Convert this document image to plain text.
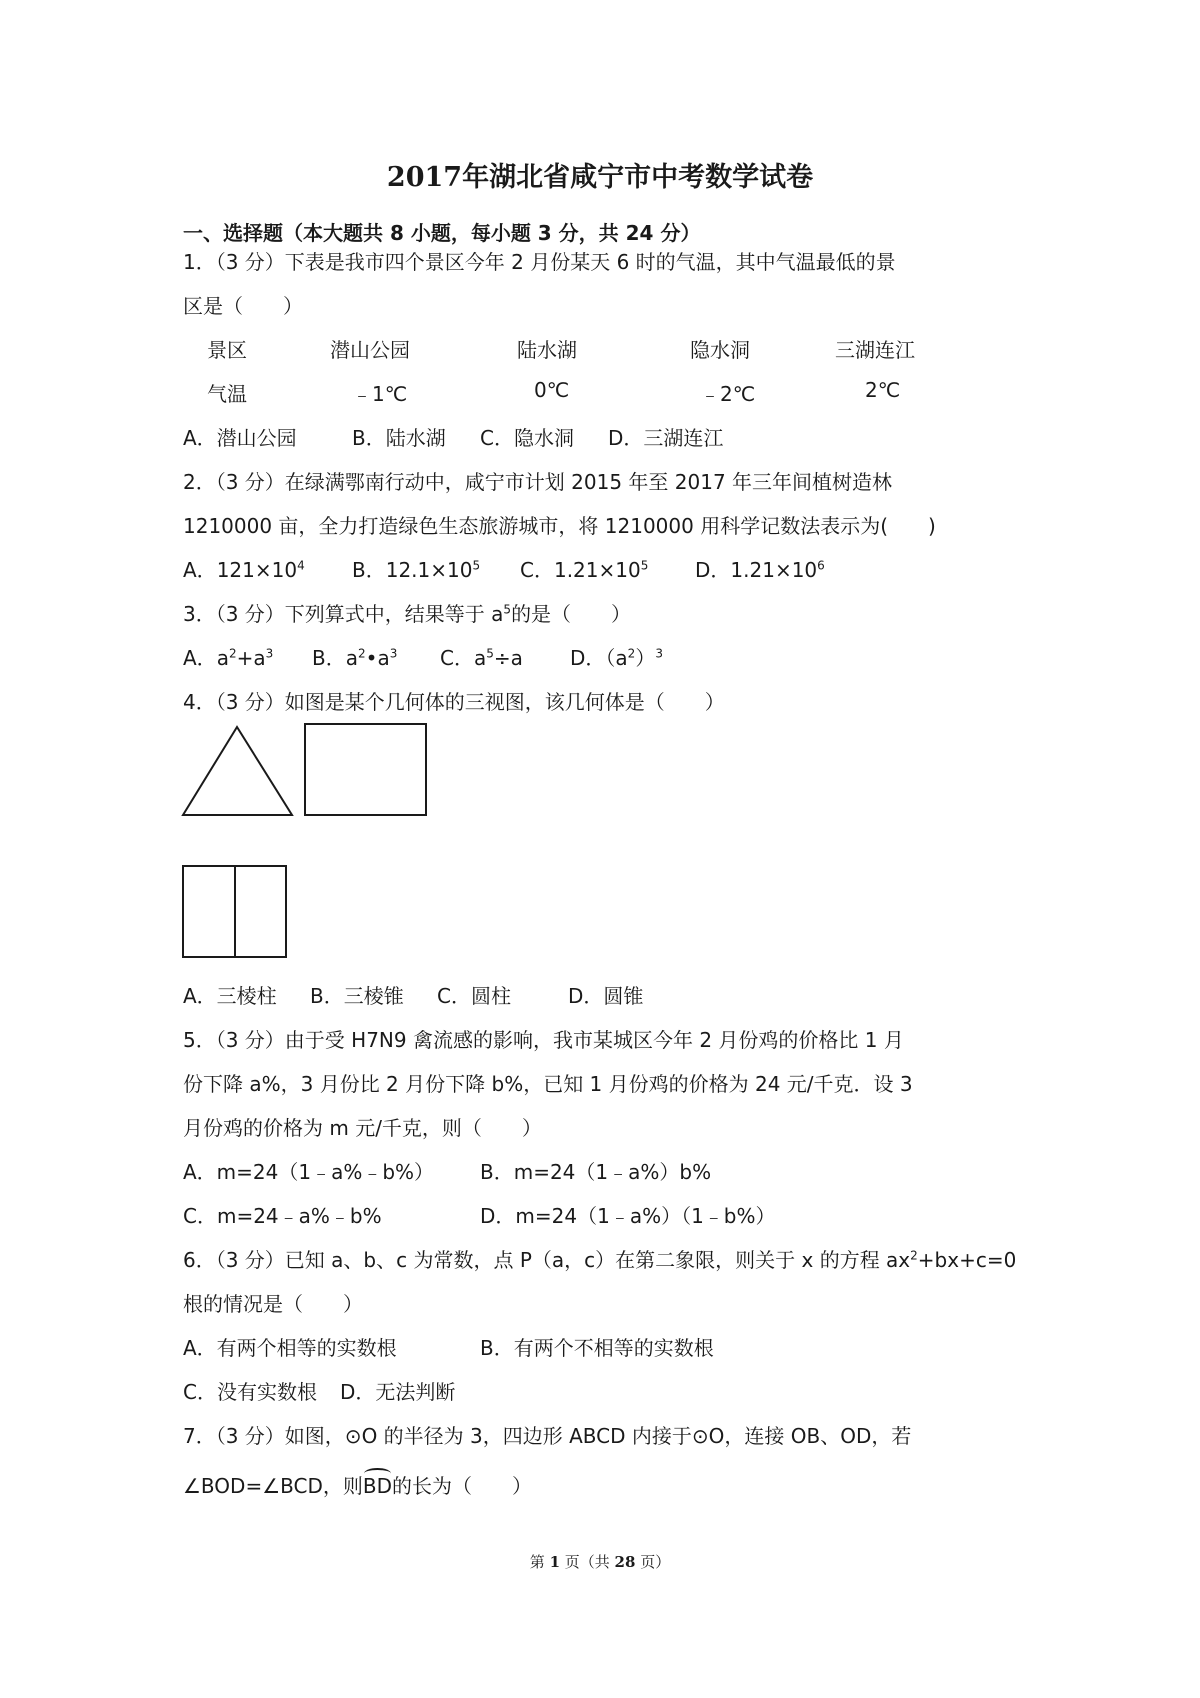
2017年湖北省咸宁市中考数学试卷
一、选择题（本大题共 8 小题，每小题 3 分，共 24 分）
1．（3 分）下表是我市四个景区今年 2 月份某天 6 时的气温，其中气温最低的景
区是（　　）
景区	潜山公园	陆水湖	隐水洞	三湖连江
气温	﹣1℃	0℃	﹣2℃	2℃
A．潜山公园	B．陆水湖 C．隐水洞 D．三湖连江
2．（3 分）在绿满鄂南行动中，咸宁市计划 2015 年至 2017 年三年间植树造林
1210000 亩，全力打造绿色生态旅游城市，将 1210000 用科学记数法表示为(　　)
A．$121\times 10^4$ B．$12.1\times 10^5$ C．$1.21\times 10^5$ D．$1.21\times 10^6$
3．（3 分）下列算式中，结果等于 $a^5$的是（　　）
A．$a^2+a^3$ B．$a^2•a^3$ C．$a^5\div a$ D．$(a^2)^3$
4．（3 分）如图是某个几何体的三视图，该几何体是（　　）
A．三棱柱 B．三棱锥 C．圆柱	D．圆锥
5．（3 分）由于受 H7N9 禽流感的影响，我市某城区今年 2 月份鸡的价格比 1 月
份下降 a%，3 月份比 2 月份下降 b%，已知 1 月份鸡的价格为 24 元/千克．设 3
月份鸡的价格为 m 元/千克，则（　　）
A．m=24（1﹣a%﹣b%） B．m=24（1﹣a%）b%
C．m=24﹣a%﹣b%	D．m=24（1﹣a%）（1﹣b%）
6．（3 分）已知 a、b、c 为常数，点 P（a，c）在第二象限，则关于 x 的方程 $ax^2+bx+c=0$
根的情况是（　　）
A．有两个相等的实数根	B．有两个不相等的实数根
C．没有实数根 D．无法判断
7．（3 分）如图，⊙O 的半径为 3，四边形 ABCD 内接于⊙O，连接 OB、OD，若
∠BOD=∠BCD，则BD的长为（　　）
第 1 页（共 28 页）
